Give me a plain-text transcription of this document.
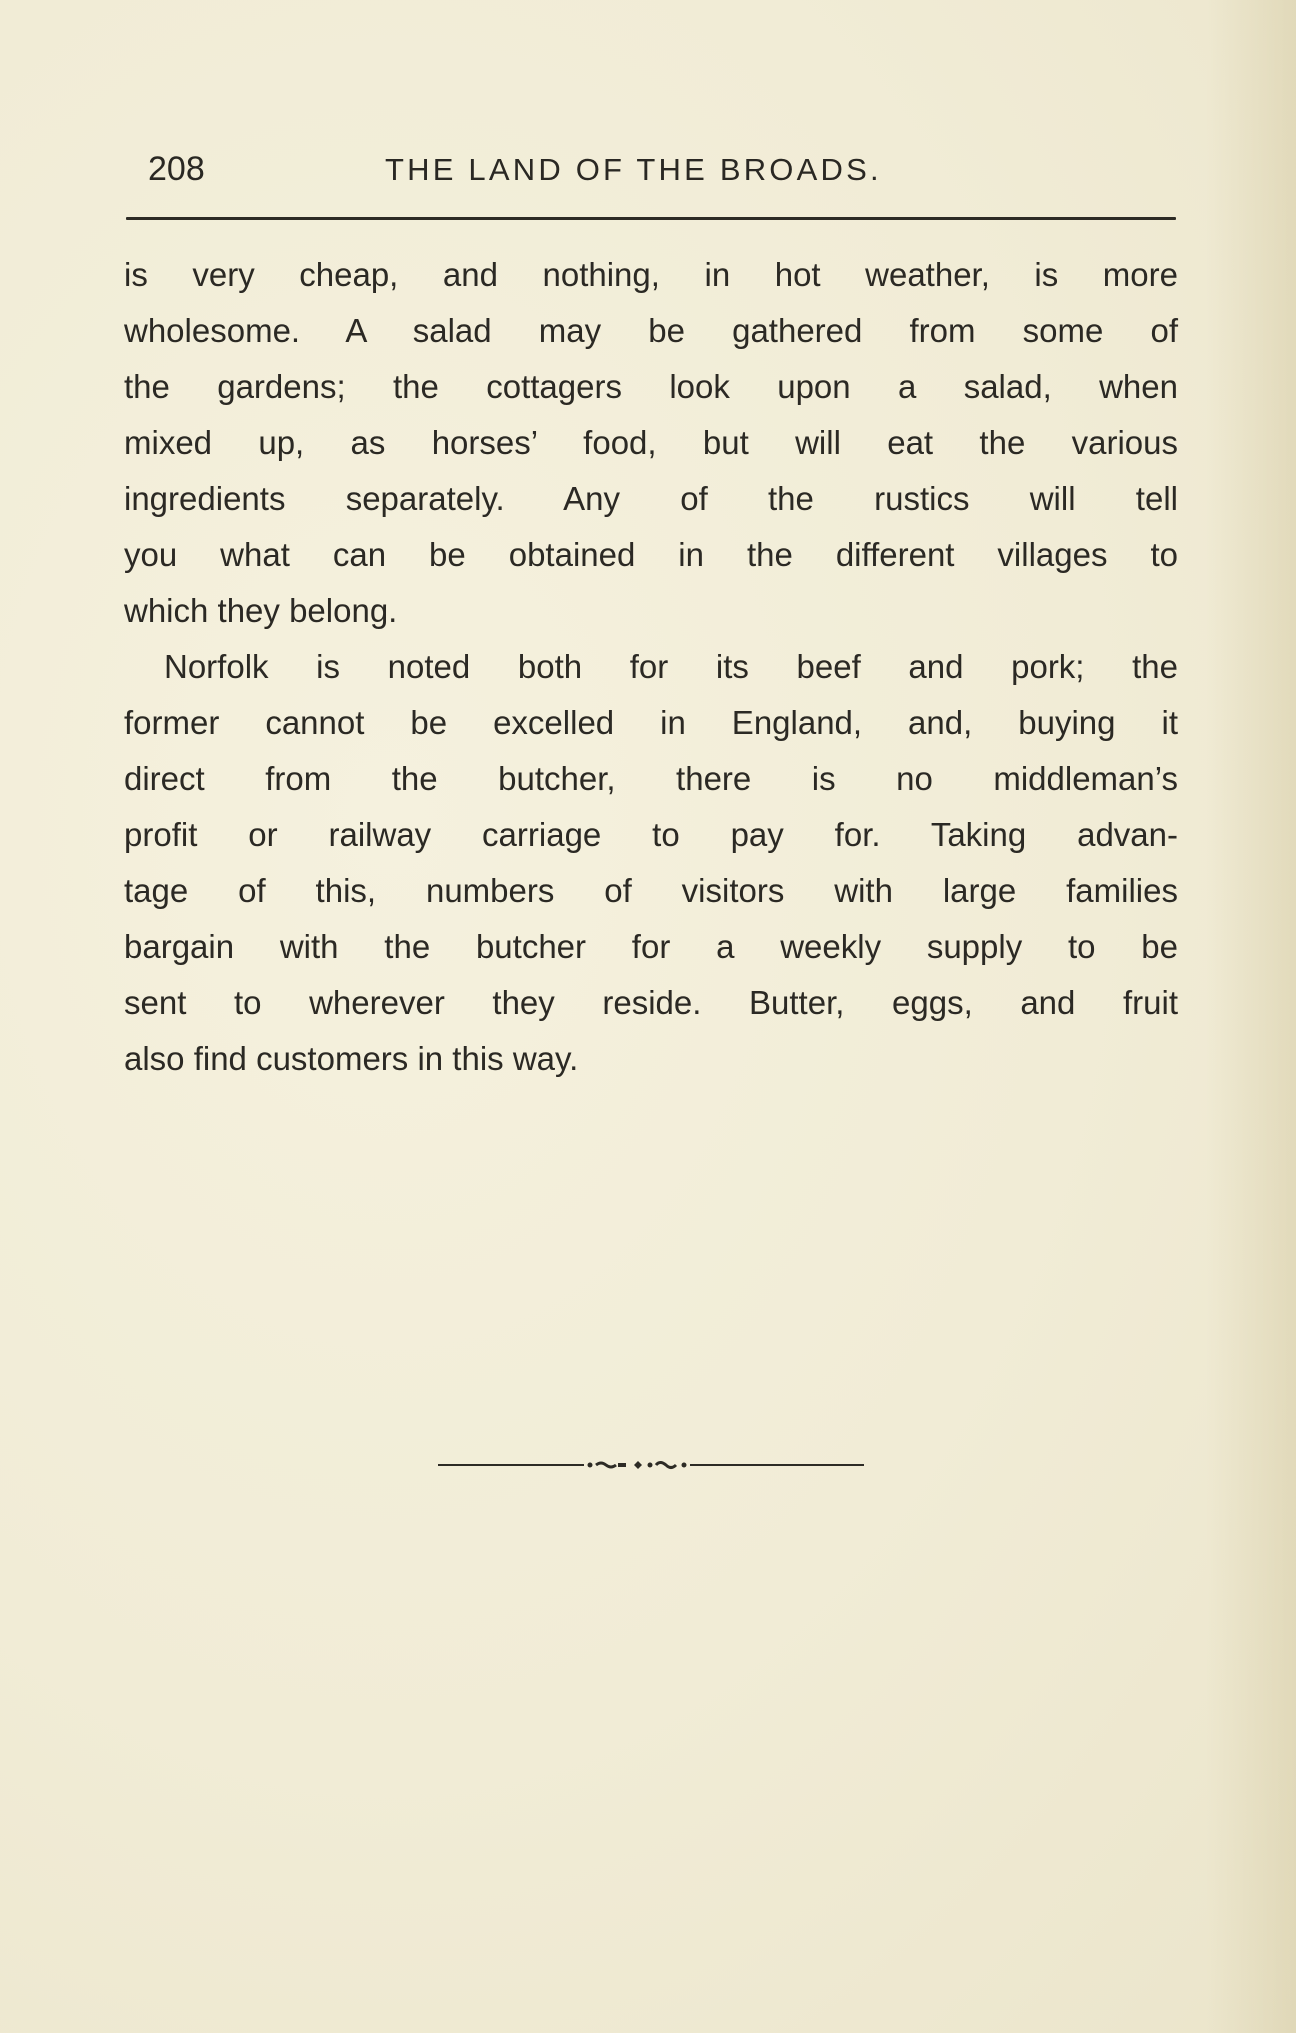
208	THE LAND OF THE BROADS.
is very cheap, and nothing, in hot weather, is more
wholesome. A salad may be gathered from some of
the gardens; the cottagers look upon a salad, when
mixed up, as horses’ food, but will eat the various
ingredients separately. Any of the rustics will tell
you what can be obtained in the different villages to
which they belong.
Norfolk is noted both for its beef and pork; the
former cannot be excelled in England, and, buying it
direct from the butcher, there is no middleman’s
profit or railway carriage to pay for. Taking advan-
tage of this, numbers of visitors with large families
bargain with the butcher for a weekly supply to be
sent to wherever they reside. Butter, eggs, and fruit
also find customers in this way.
